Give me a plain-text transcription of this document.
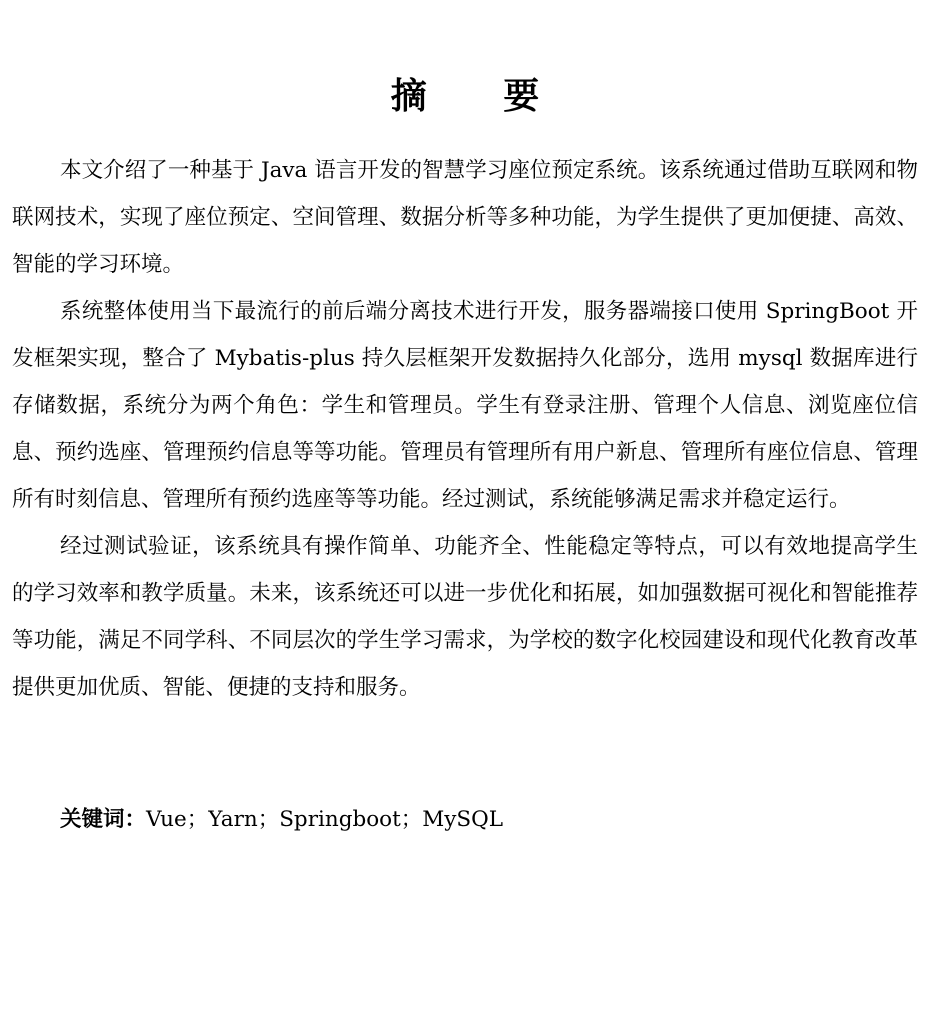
摘 要

本文介绍了一种基于 Java 语言开发的智慧学习座位预定系统。该系统通过借助互联网和物联网技术，实现了座位预定、空间管理、数据分析等多种功能，为学生提供了更加便捷、高效、智能的学习环境。

系统整体使用当下最流行的前后端分离技术进行开发，服务器端接口使用 SpringBoot 开发框架实现，整合了 Mybatis-plus 持久层框架开发数据持久化部分，选用 mysql 数据库进行存储数据，系统分为两个角色：学生和管理员。学生有登录注册、管理个人信息、浏览座位信息、预约选座、管理预约信息等等功能。管理员有管理所有用户新息、管理所有座位信息、管理所有时刻信息、管理所有预约选座等等功能。经过测试，系统能够满足需求并稳定运行。

经过测试验证，该系统具有操作简单、功能齐全、性能稳定等特点，可以有效地提高学生的学习效率和教学质量。未来，该系统还可以进一步优化和拓展，如加强数据可视化和智能推荐等功能，满足不同学科、不同层次的学生学习需求，为学校的数字化校园建设和现代化教育改革提供更加优质、智能、便捷的支持和服务。

关键词：Vue；Yarn；Springboot；MySQL
